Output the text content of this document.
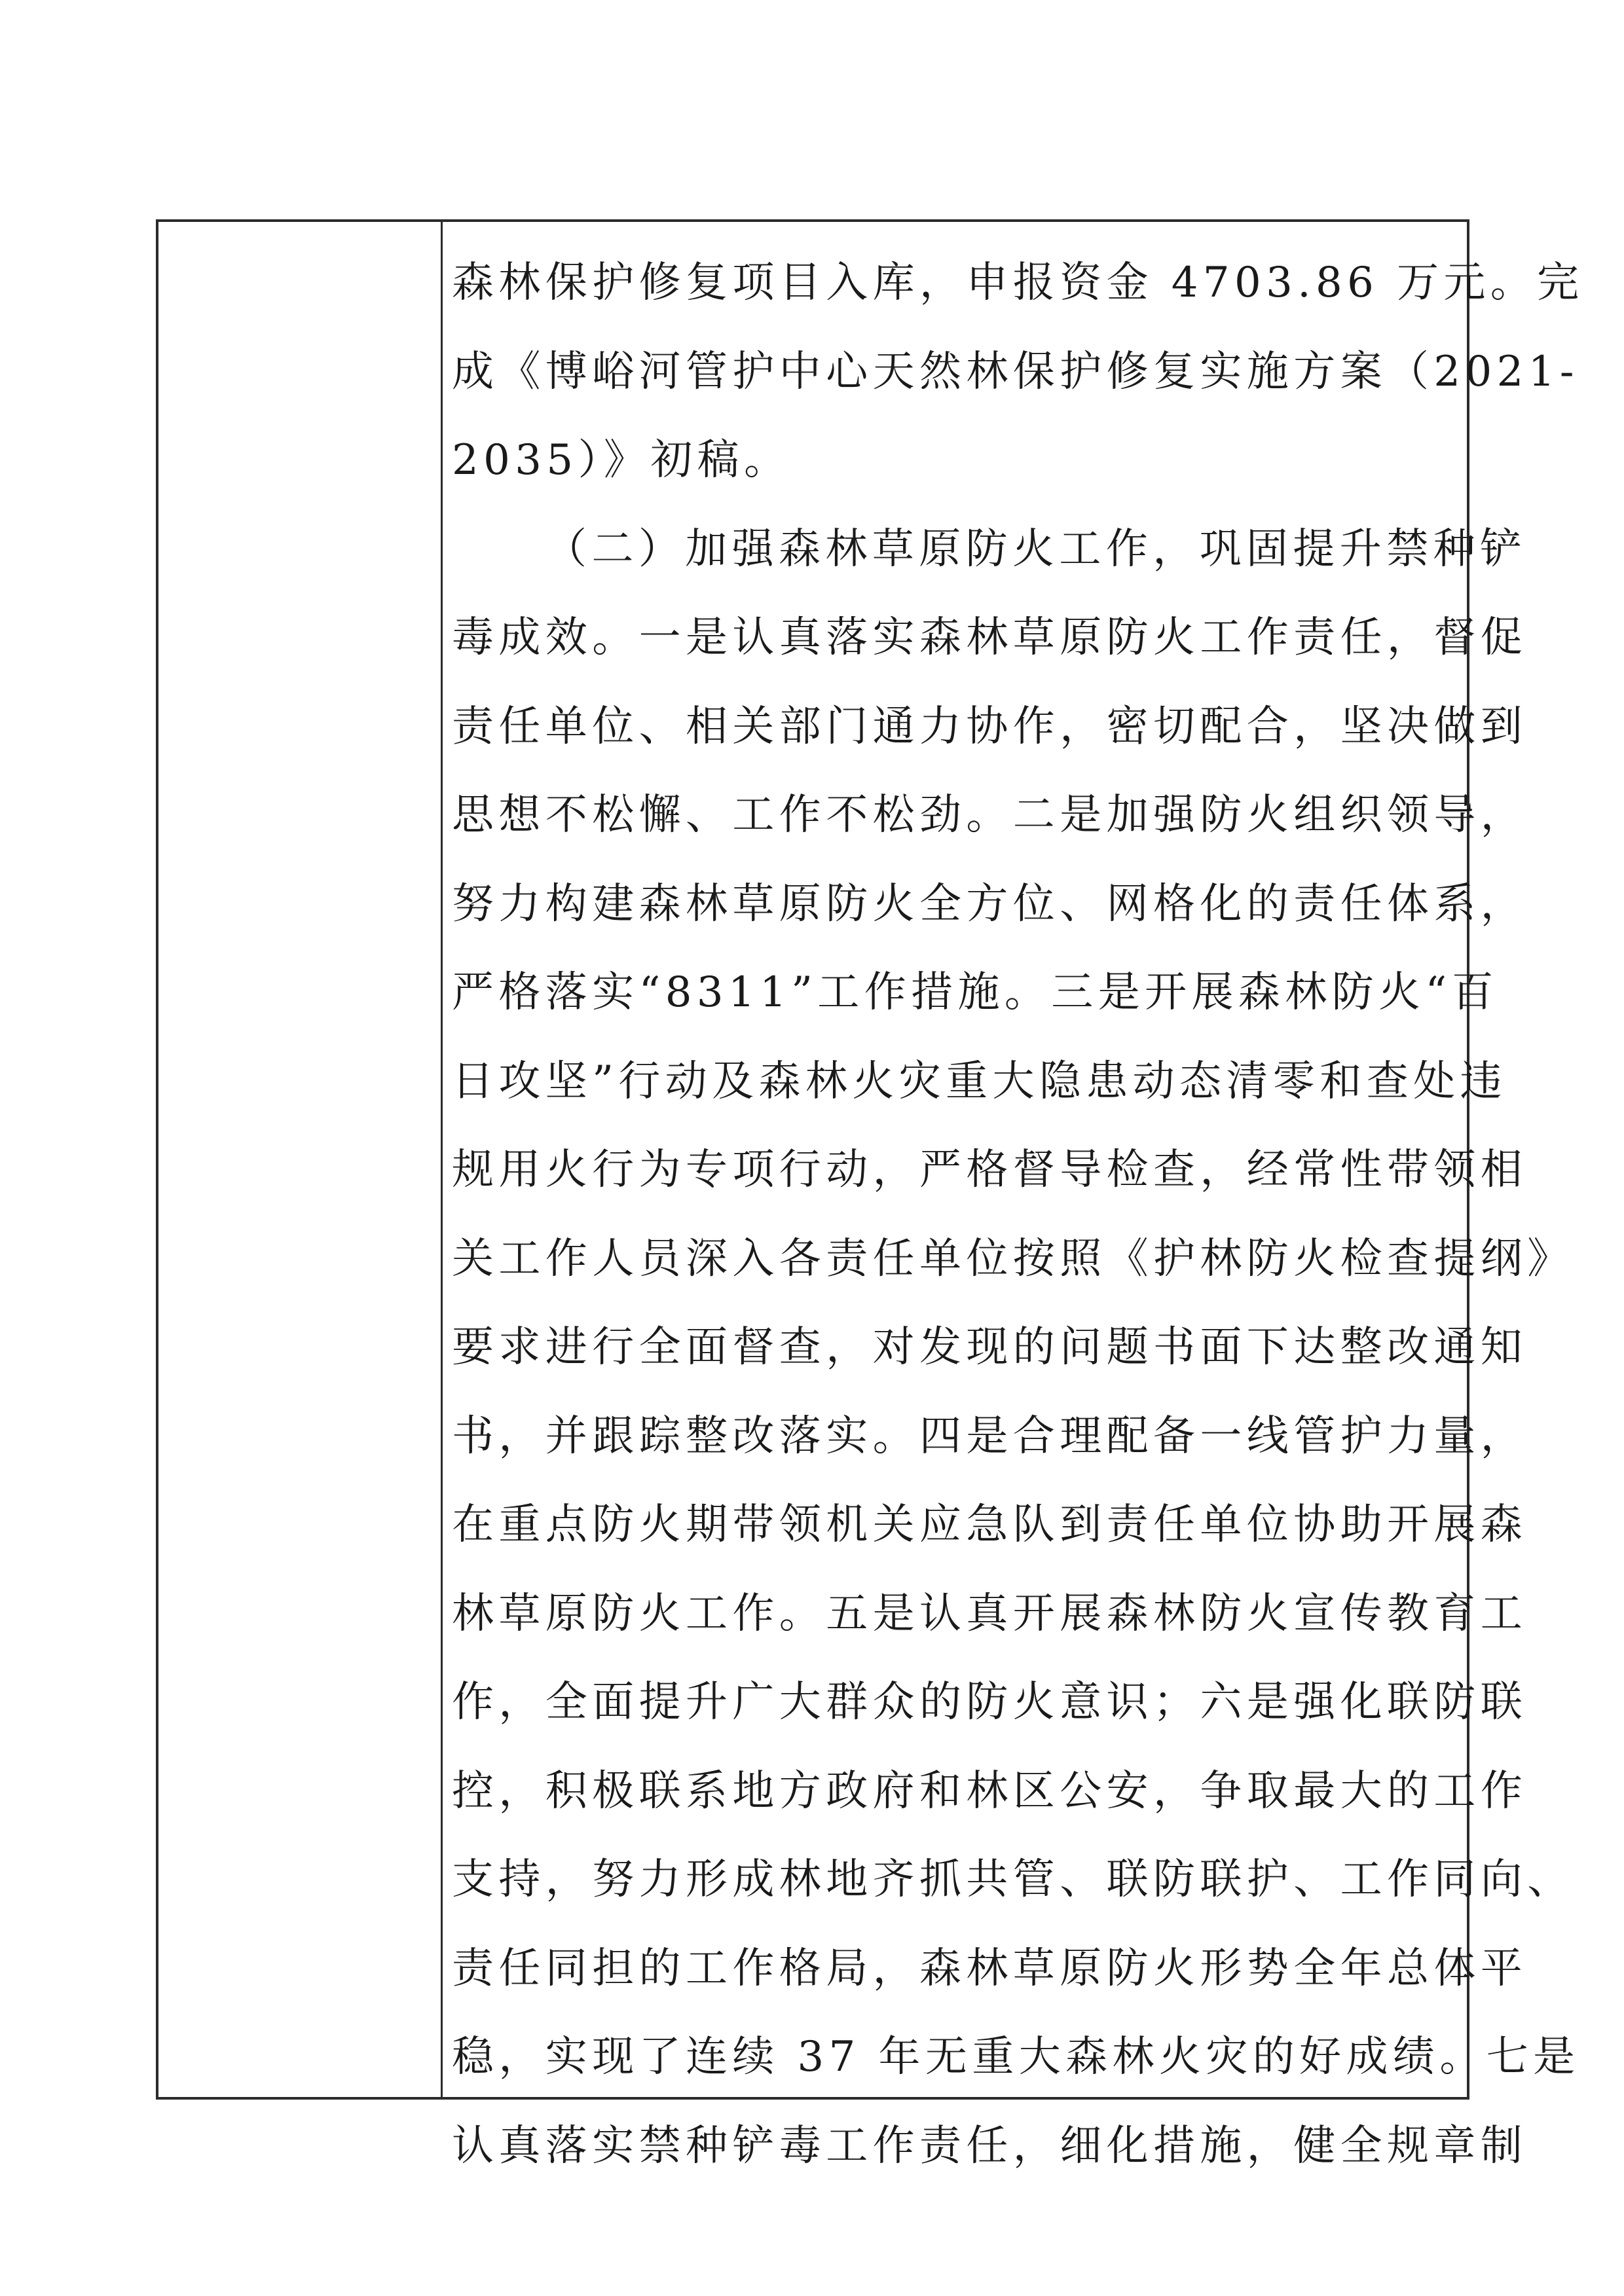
森林保护修复项目入库，申报资金 4703.86 万元。完
成《博峪河管护中心天然林保护修复实施方案（2021-
2035）》初稿。
（二）加强森林草原防火工作，巩固提升禁种铲
毒成效。一是认真落实森林草原防火工作责任，督促
责任单位、相关部门通力协作，密切配合，坚决做到
思想不松懈、工作不松劲。二是加强防火组织领导，
努力构建森林草原防火全方位、网格化的责任体系，
严格落实“8311”工作措施。三是开展森林防火“百
日攻坚”行动及森林火灾重大隐患动态清零和查处违
规用火行为专项行动，严格督导检查，经常性带领相
关工作人员深入各责任单位按照《护林防火检查提纲》
要求进行全面督查，对发现的问题书面下达整改通知
书，并跟踪整改落实。四是合理配备一线管护力量，
在重点防火期带领机关应急队到责任单位协助开展森
林草原防火工作。五是认真开展森林防火宣传教育工
作，全面提升广大群众的防火意识；六是强化联防联
控，积极联系地方政府和林区公安，争取最大的工作
支持，努力形成林地齐抓共管、联防联护、工作同向、
责任同担的工作格局，森林草原防火形势全年总体平
稳，实现了连续 37 年无重大森林火灾的好成绩。七是
认真落实禁种铲毒工作责任，细化措施，健全规章制
